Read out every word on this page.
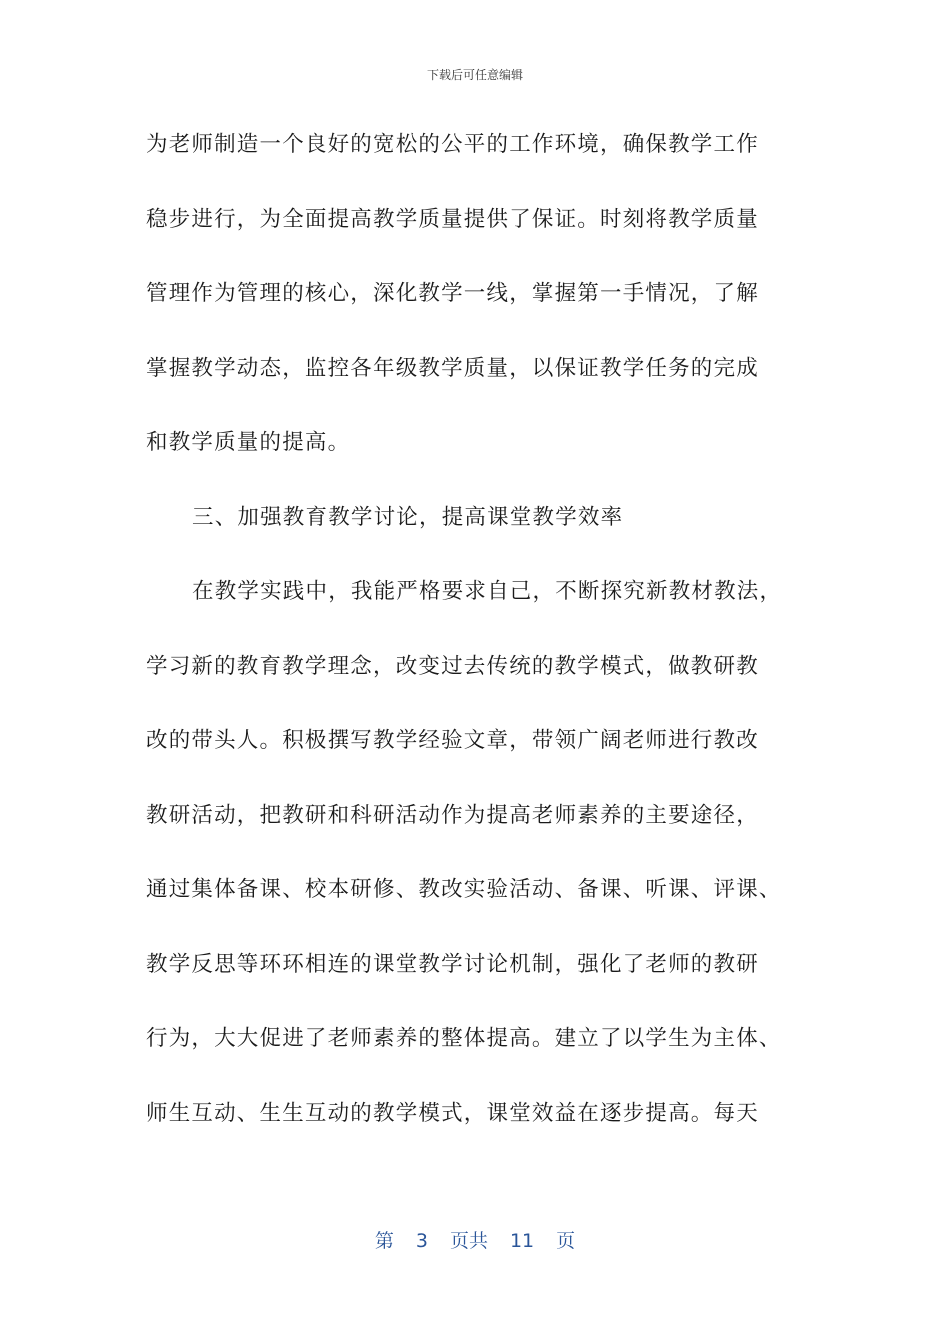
下载后可任意编辑
为老师制造一个良好的宽松的公平的工作环境，确保教学工作
稳步进行，为全面提高教学质量提供了保证。时刻将教学质量
管理作为管理的核心，深化教学一线，掌握第一手情况，了解
掌握教学动态，监控各年级教学质量，以保证教学任务的完成
和教学质量的提高。
三、加强教育教学讨论，提高课堂教学效率
在教学实践中，我能严格要求自己，不断探究新教材教法，
学习新的教育教学理念，改变过去传统的教学模式，做教研教
改的带头人。积极撰写教学经验文章，带领广阔老师进行教改
教研活动，把教研和科研活动作为提高老师素养的主要途径，
通过集体备课、校本研修、教改实验活动、备课、听课、评课、
教学反思等环环相连的课堂教学讨论机制，强化了老师的教研
行为，大大促进了老师素养的整体提高。建立了以学生为主体、
师生互动、生生互动的教学模式，课堂效益在逐步提高。每天
第 3 页共 11 页
